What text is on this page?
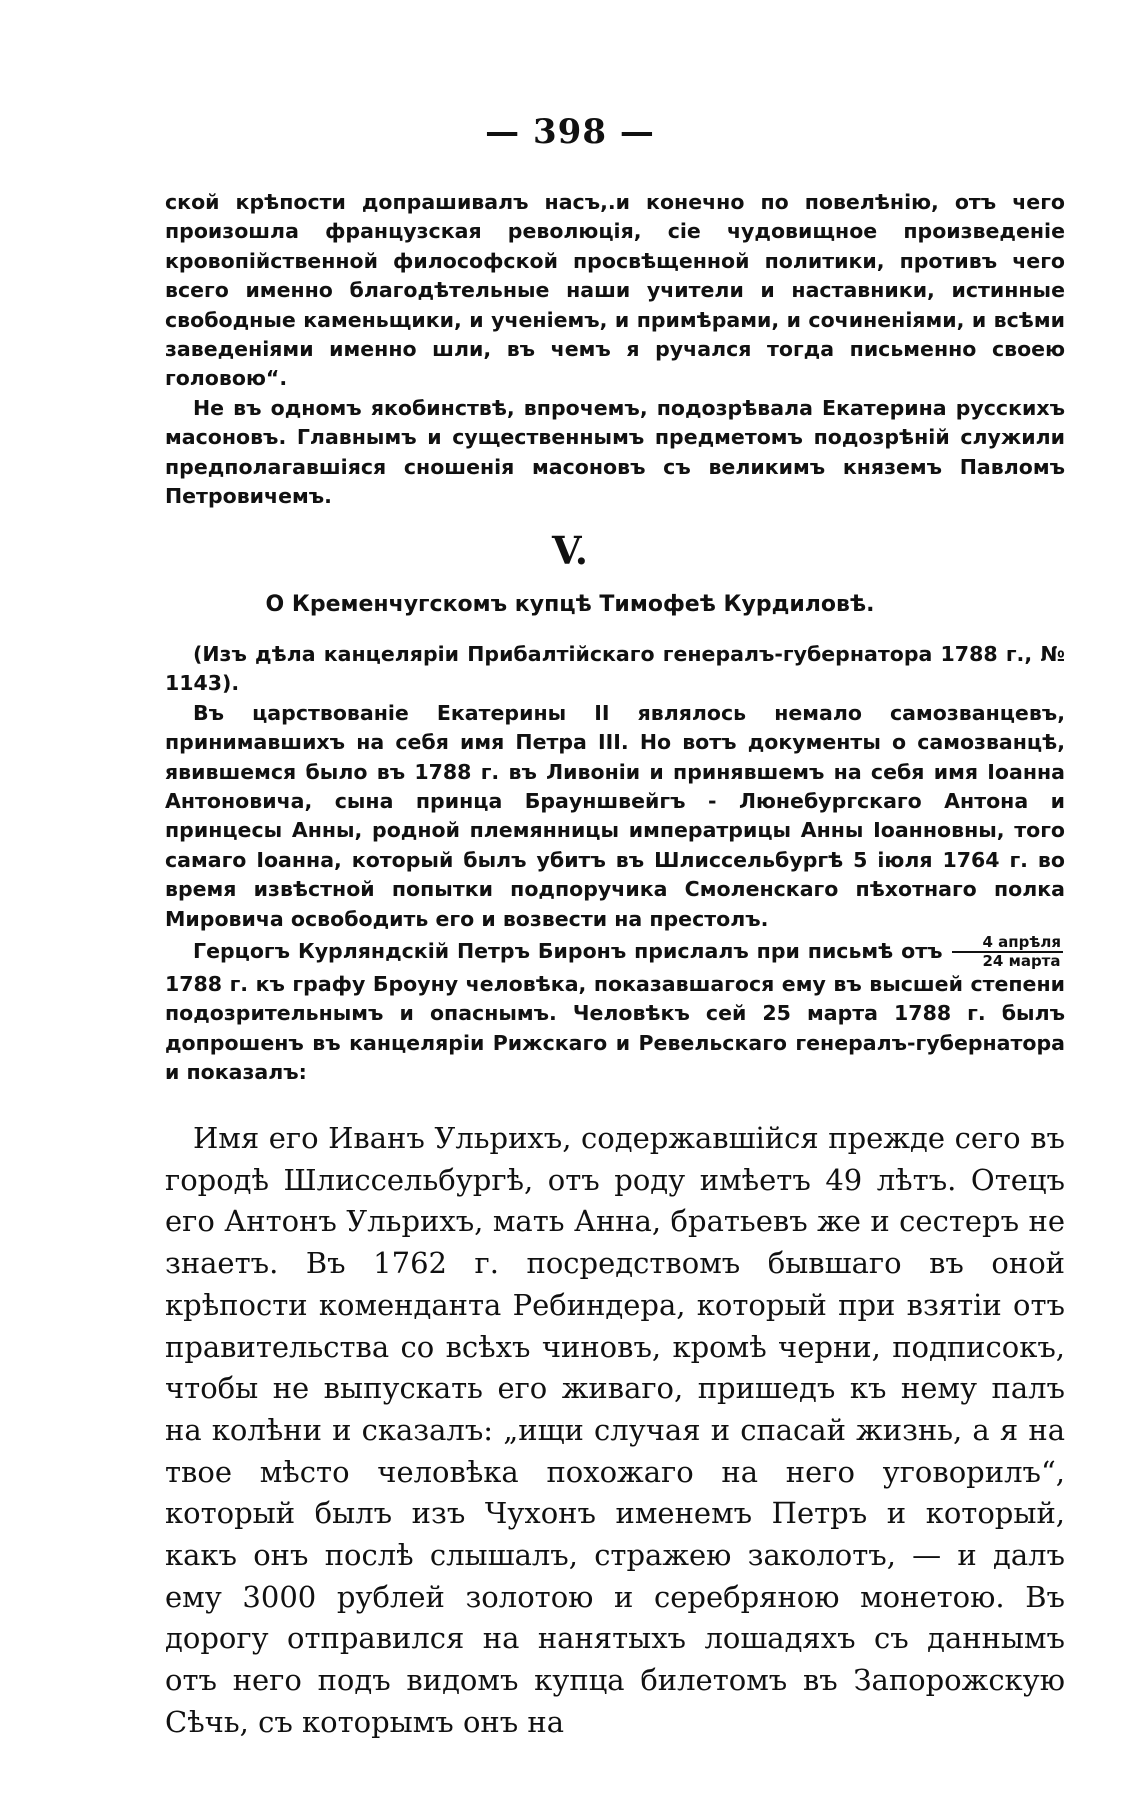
— 398 —

ской крѣпости допрашивалъ насъ,.и конечно по повелѣнію, отъ чего произошла французская революція, сіе чудовищное произведеніе кровопійственной философской просвѣщенной политики, противъ чего всего именно благодѣтельные наши учители и наставники, истинные свободные каменьщики, и ученіемъ, и примѣрами, и сочиненіями, и всѣми заведеніями именно шли, въ чемъ я ручался тогда письменно своею головою“.

Не въ одномъ якобинствѣ, впрочемъ, подозрѣвала Екатерина русскихъ масоновъ. Главнымъ и существеннымъ предметомъ подозрѣній служили предполагавшіяся сношенія масоновъ съ великимъ княземъ Павломъ Петровичемъ.

V.
О Кременчугскомъ купцѣ Тимофеѣ Курдиловѣ.

(Изъ дѣла канцеляріи Прибалтійскаго генералъ-губернатора 1788 г., № 1143).

Въ царствованіе Екатерины II являлось немало самозванцевъ, принимавшихъ на себя имя Петра III. Но вотъ документы о самозванцѣ, явившемся было въ 1788 г. въ Ливоніи и принявшемъ на себя имя Іоанна Антоновича, сына принца Брауншвейгъ - Люнебургскаго Антона и принцесы Анны, родной племянницы императрицы Анны Іоанновны, того самаго Іоанна, который былъ убитъ въ Шлиссельбургѣ 5 іюля 1764 г. во время извѣстной попытки подпоручика Смоленскаго пѣхотнаго полка Мировича освободить его и возвести на престолъ.

Герцогъ Курляндскій Петръ Биронъ прислалъ при письмѣ отъ $\frac{\text{4 апрѣля}}{\text{24 марта}}$
1788 г. къ графу Броуну человѣка, показавшагося ему въ высшей степени подозрительнымъ и опаснымъ. Человѣкъ сей 25 марта 1788 г. былъ допрошенъ въ канцеляріи Рижскаго и Ревельскаго генералъ-губернатора и показалъ:

Имя его Иванъ Ульрихъ, содержавшійся прежде сего въ городѣ Шлиссельбургѣ, отъ роду имѣетъ 49 лѣтъ. Отецъ его Антонъ Ульрихъ, мать Анна, братьевъ же и сестеръ не знаетъ. Въ 1762 г. посредствомъ бывшаго въ оной крѣпости коменданта Ребиндера, который при взятіи отъ правительства со всѣхъ чиновъ, кромѣ черни, подписокъ, чтобы не выпускать его живаго, пришедъ къ нему палъ на колѣни и сказалъ: „ищи случая и спасай жизнь, а я на твое мѣсто человѣка похожаго на него уговорилъ“, который былъ изъ Чухонъ именемъ Петръ и который, какъ онъ послѣ слышалъ, стражею заколотъ, — и далъ ему 3000 рублей золотою и серебряною монетою. Въ дорогу отправился на нанятыхъ лошадяхъ съ даннымъ отъ него подъ видомъ купца билетомъ въ Запорожскую Сѣчь, съ которымъ онъ на
